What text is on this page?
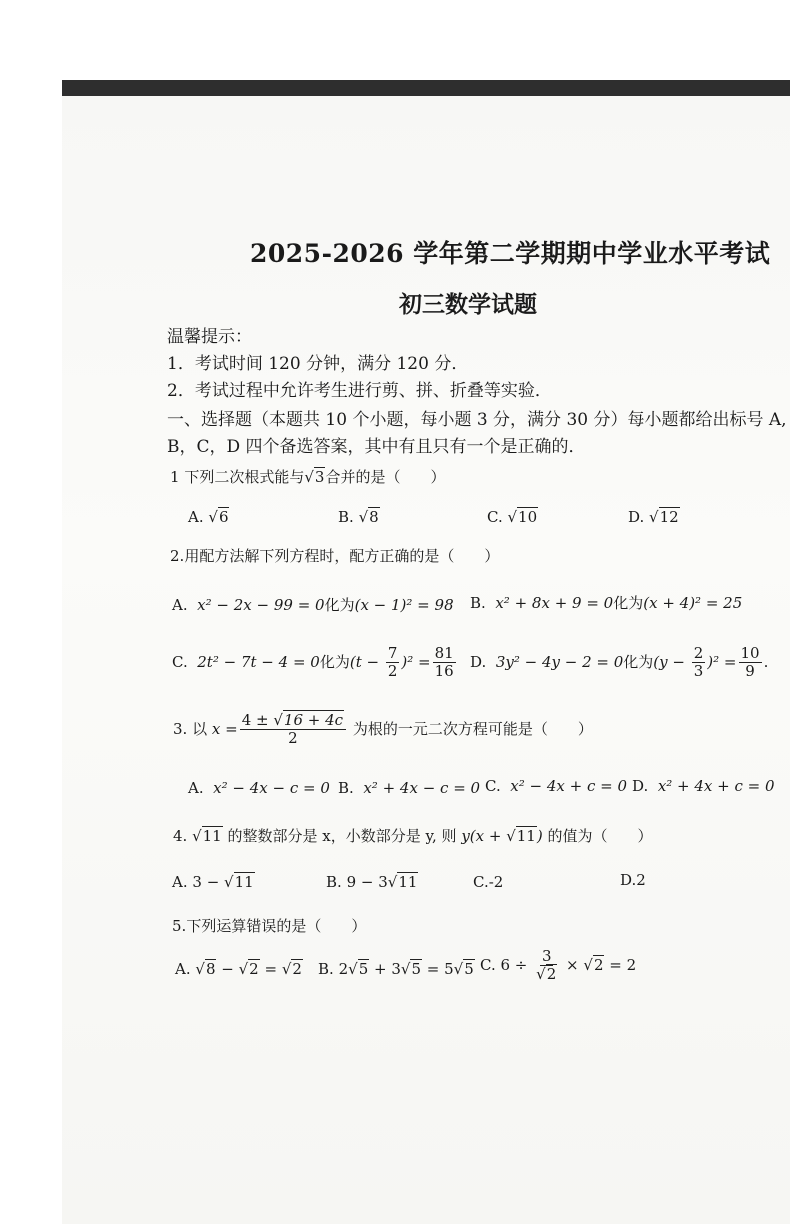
2025-2026 学年第二学期期中学业水平考试
初三数学试题
温馨提示：
1．考试时间 120 分钟，满分 120 分．
2．考试过程中允许考生进行剪、拼、折叠等实验．
一、选择题（本题共 10 个小题，每小题 3 分，满分 30 分）每小题都给出标号 A,
B，C，D 四个备选答案，其中有且只有一个是正确的．
1 下列二次根式能与√3合并的是（　　）
A. √6	B. √8	C. √10	D. √12
2.用配方法解下列方程时，配方正确的是（　　）
A. x² − 2x − 99 = 0化为(x − 1)² = 98 B. x² + 8x + 9 = 0化为(x + 4)² = 25
C. 2t² − 7t − 4 = 0化为$(t - \frac{7}{2} )^2 = \frac{81}{16} D$. 3y² − 4y − 2 = 0化为$(y - \frac{2}{3} )^2 = \frac{10}{9}$ .
3. 以 $x = \frac{4 \pm √16 + 4c}{2}$ 为根的一元二次方程可能是（　　）
A. x² − 4x − c = 0 B. x² + 4x − c = 0 C. x² − 4x + c = 0 D. x² + 4x + c = 0
4. √11 的整数部分是 x，小数部分是 y, 则 y(x + √11) 的值为（　　）
A. 3 − √11	B. 9 − 3√11	C.-2	D.2
5.下列运算错误的是（　　）
A. √8 − √2 = √2 B. 2√5 + 3√5 = 5√5 C. $6 \div \frac{3}{√2} \times √2 = 2$
